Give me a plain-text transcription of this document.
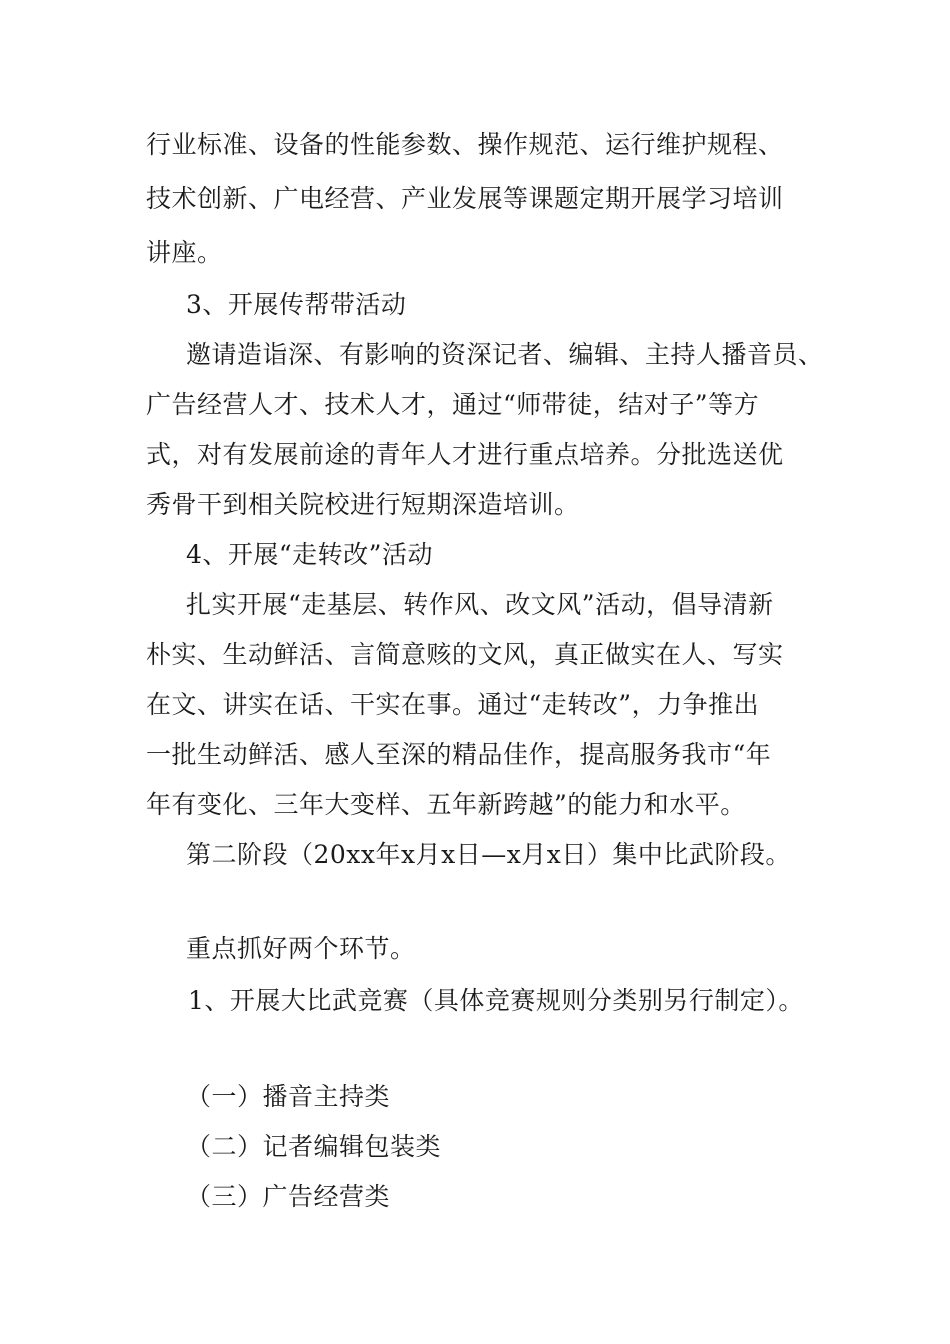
行业标准、设备的性能参数、操作规范、运行维护规程、
技术创新、广电经营、产业发展等课题定期开展学习培训
讲座。
3、开展传帮带活动
邀请造诣深、有影响的资深记者、编辑、主持人播音员、
广告经营人才、技术人才，通过“师带徒，结对子”等方
式，对有发展前途的青年人才进行重点培养。分批选送优
秀骨干到相关院校进行短期深造培训。
4、开展“走转改”活动
扎实开展“走基层、转作风、改文风”活动，倡导清新
朴实、生动鲜活、言简意赅的文风，真正做实在人、写实
在文、讲实在话、干实在事。通过“走转改”，力争推出
一批生动鲜活、感人至深的精品佳作，提高服务我市“年
年有变化、三年大变样、五年新跨越”的能力和水平。
第二阶段（20xx年x月x日—x月x日）集中比武阶段。
重点抓好两个环节。
1、开展大比武竞赛（具体竞赛规则分类别另行制定）。
（一）播音主持类
（二）记者编辑包装类
（三）广告经营类
